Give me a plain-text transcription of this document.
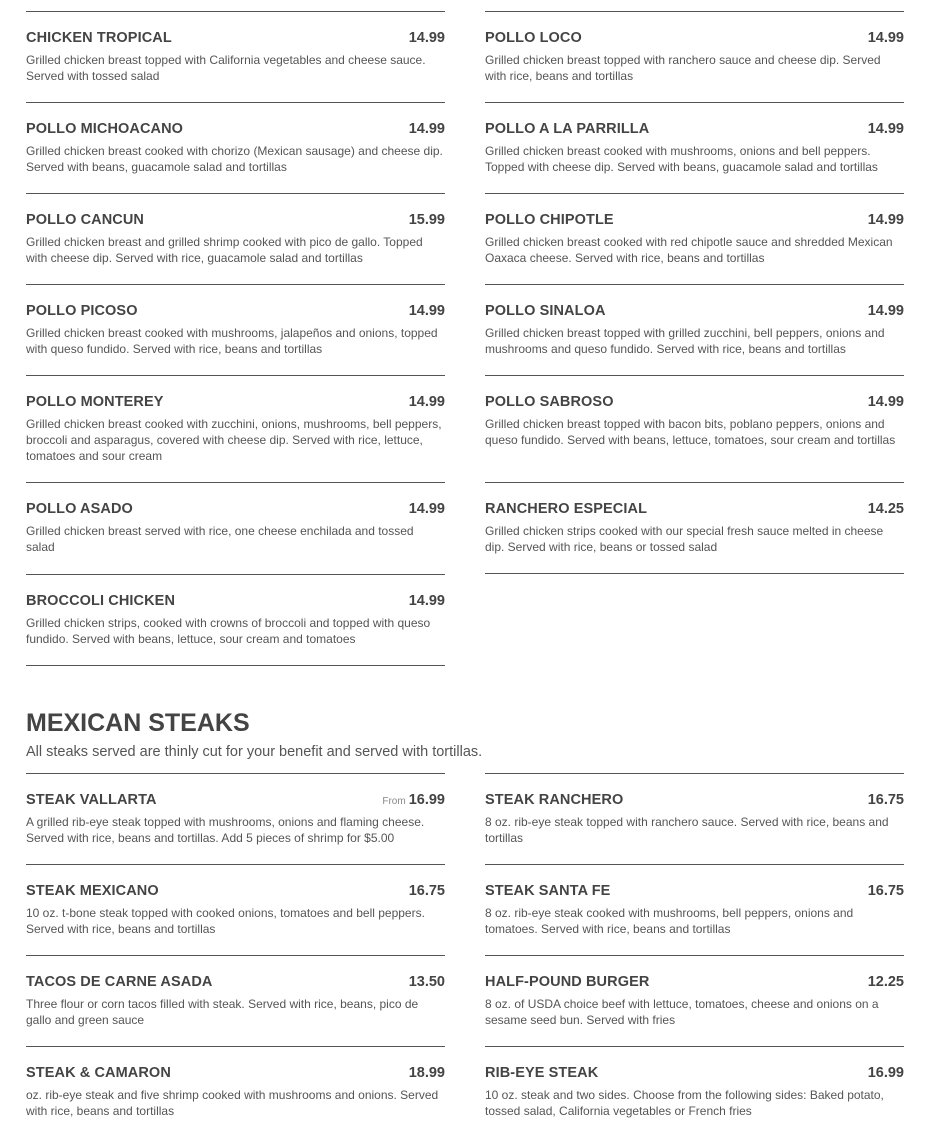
CHICKEN TROPICAL	14.99
Grilled chicken breast topped with California vegetables and cheese sauce. Served with tossed salad
POLLO LOCO	14.99
Grilled chicken breast topped with ranchero sauce and cheese dip. Served with rice, beans and tortillas
POLLO MICHOACANO	14.99
Grilled chicken breast cooked with chorizo (Mexican sausage) and cheese dip. Served with beans, guacamole salad and tortillas
POLLO A LA PARRILLA	14.99
Grilled chicken breast cooked with mushrooms, onions and bell peppers. Topped with cheese dip. Served with beans, guacamole salad and tortillas
POLLO CANCUN	15.99
Grilled chicken breast and grilled shrimp cooked with pico de gallo. Topped with cheese dip. Served with rice, guacamole salad and tortillas
POLLO CHIPOTLE	14.99
Grilled chicken breast cooked with red chipotle sauce and shredded Mexican Oaxaca cheese. Served with rice, beans and tortillas
POLLO PICOSO	14.99
Grilled chicken breast cooked with mushrooms, jalapeños and onions, topped with queso fundido. Served with rice, beans and tortillas
POLLO SINALOA	14.99
Grilled chicken breast topped with grilled zucchini, bell peppers, onions and mushrooms and queso fundido. Served with rice, beans and tortillas
POLLO MONTEREY	14.99
Grilled chicken breast cooked with zucchini, onions, mushrooms, bell peppers, broccoli and asparagus, covered with cheese dip. Served with rice, lettuce, tomatoes and sour cream
POLLO SABROSO	14.99
Grilled chicken breast topped with bacon bits, poblano peppers, onions and queso fundido. Served with beans, lettuce, tomatoes, sour cream and tortillas
POLLO ASADO	14.99
Grilled chicken breast served with rice, one cheese enchilada and tossed salad
RANCHERO ESPECIAL	14.25
Grilled chicken strips cooked with our special fresh sauce melted in cheese dip. Served with rice, beans or tossed salad
BROCCOLI CHICKEN	14.99
Grilled chicken strips, cooked with crowns of broccoli and topped with queso fundido. Served with beans, lettuce, sour cream and tomatoes
MEXICAN STEAKS

All steaks served are thinly cut for your benefit and served with tortillas.

STEAK VALLARTA	From 16.99
A grilled rib-eye steak topped with mushrooms, onions and flaming cheese. Served with rice, beans and tortillas. Add 5 pieces of shrimp for $5.00
STEAK RANCHERO	16.75
8 oz. rib-eye steak topped with ranchero sauce. Served with rice, beans and tortillas
STEAK MEXICANO	16.75
10 oz. t-bone steak topped with cooked onions, tomatoes and bell peppers. Served with rice, beans and tortillas
STEAK SANTA FE	16.75
8 oz. rib-eye steak cooked with mushrooms, bell peppers, onions and tomatoes. Served with rice, beans and tortillas
TACOS DE CARNE ASADA	13.50
Three flour or corn tacos filled with steak. Served with rice, beans, pico de gallo and green sauce
HALF-POUND BURGER	12.25
8 oz. of USDA choice beef with lettuce, tomatoes, cheese and onions on a sesame seed bun. Served with fries
STEAK & CAMARON	18.99
oz. rib-eye steak and five shrimp cooked with mushrooms and onions. Served with rice, beans and tortillas
RIB-EYE STEAK	16.99
10 oz. steak and two sides. Choose from the following sides: Baked potato, tossed salad, California vegetables or French fries
